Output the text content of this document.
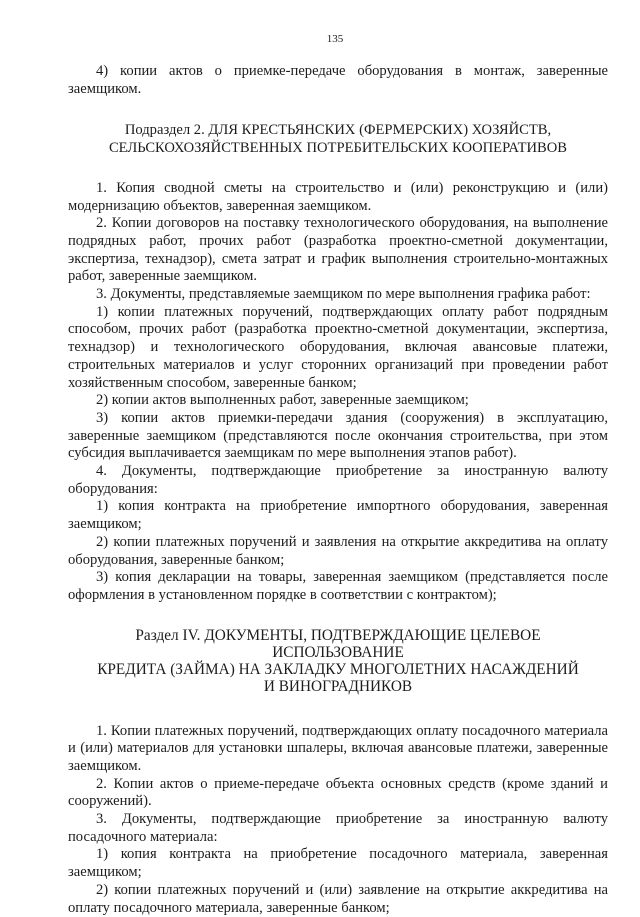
135

4) копии актов о приемке-передаче оборудования в монтаж, заверенные заемщиком.

Подраздел 2. ДЛЯ КРЕСТЬЯНСКИХ (ФЕРМЕРСКИХ) ХОЗЯЙСТВ,
СЕЛЬСКОХОЗЯЙСТВЕННЫХ ПОТРЕБИТЕЛЬСКИХ КООПЕРАТИВОВ

1. Копия сводной сметы на строительство и (или) реконструкцию и (или) модернизацию объектов, заверенная заемщиком.

2. Копии договоров на поставку технологического оборудования, на выполнение подрядных работ, прочих работ (разработка проектно-сметной документации, экспертиза, технадзор), смета затрат и график выполнения строительно-монтажных работ, заверенные заемщиком.

3. Документы, представляемые заемщиком по мере выполнения графика работ:

1) копии платежных поручений, подтверждающих оплату работ подрядным способом, прочих работ (разработка проектно-сметной документации, экспертиза, технадзор) и технологического оборудования, включая авансовые платежи, строительных материалов и услуг сторонних организаций при проведении работ хозяйственным способом, заверенные банком;

2) копии актов выполненных работ, заверенные заемщиком;

3) копии актов приемки-передачи здания (сооружения) в эксплуатацию, заверенные заемщиком (представляются после окончания строительства, при этом субсидия выплачивается заемщикам по мере выполнения этапов работ).

4. Документы, подтверждающие приобретение за иностранную валюту оборудования:

1) копия контракта на приобретение импортного оборудования, заверенная заемщиком;

2) копии платежных поручений и заявления на открытие аккредитива на оплату оборудования, заверенные банком;

3) копия декларации на товары, заверенная заемщиком (представляется после оформления в установленном порядке в соответствии с контрактом);

Раздел IV. ДОКУМЕНТЫ, ПОДТВЕРЖДАЮЩИЕ ЦЕЛЕВОЕ ИСПОЛЬЗОВАНИЕ
КРЕДИТА (ЗАЙМА) НА ЗАКЛАДКУ МНОГОЛЕТНИХ НАСАЖДЕНИЙ
И ВИНОГРАДНИКОВ

1. Копии платежных поручений, подтверждающих оплату посадочного материала и (или) материалов для установки шпалеры, включая авансовые платежи, заверенные заемщиком.

2. Копии актов о приеме-передаче объекта основных средств (кроме зданий и сооружений).

3. Документы, подтверждающие приобретение за иностранную валюту посадочного материала:

1) копия контракта на приобретение посадочного материала, заверенная заемщиком;

2) копии платежных поручений и (или) заявление на открытие аккредитива на оплату посадочного материала, заверенные банком;
